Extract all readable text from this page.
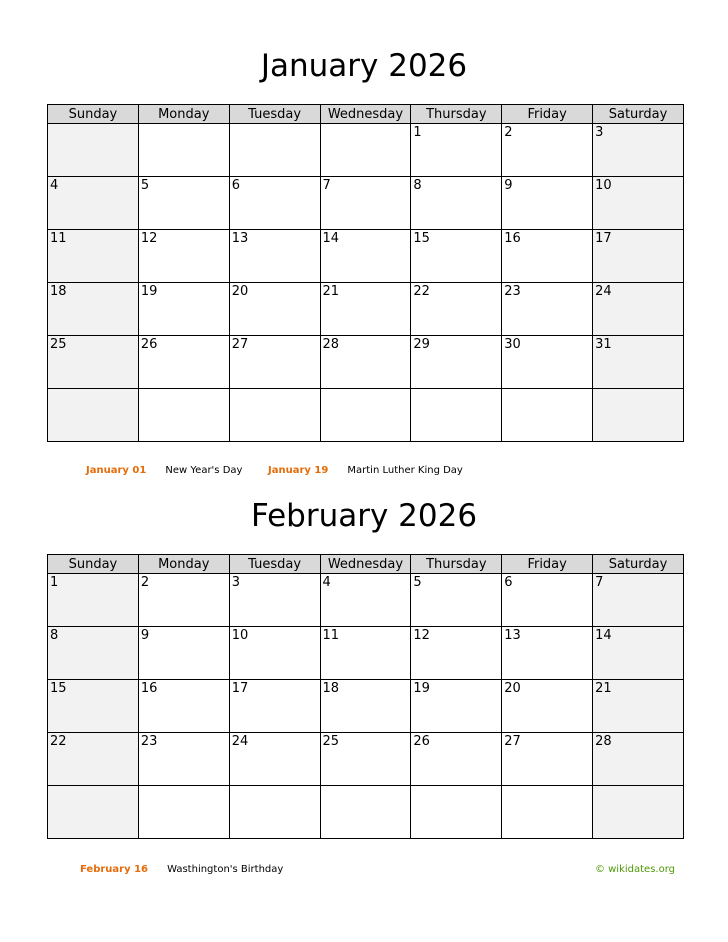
January 2026
Sunday	Monday	Tuesday	Wednesday	Thursday	Friday	Saturday

				1	2	3

4	5	6	7	8	9	10

11	12	13	14	15	16	17

18	19	20	21	22	23	24

25	26	27	28	29	30	31

January 01 New Year's Day	January 19 Martin Luther King Day
February 2026
Sunday	Monday	Tuesday	Wednesday	Thursday	Friday	Saturday

1	2	3	4	5	6	7

8	9	10	11	12	13	14

15	16	17	18	19	20	21

22	23	24	25	26	27	28

February 16 Wasthington's Birthday	© wikidates.org
